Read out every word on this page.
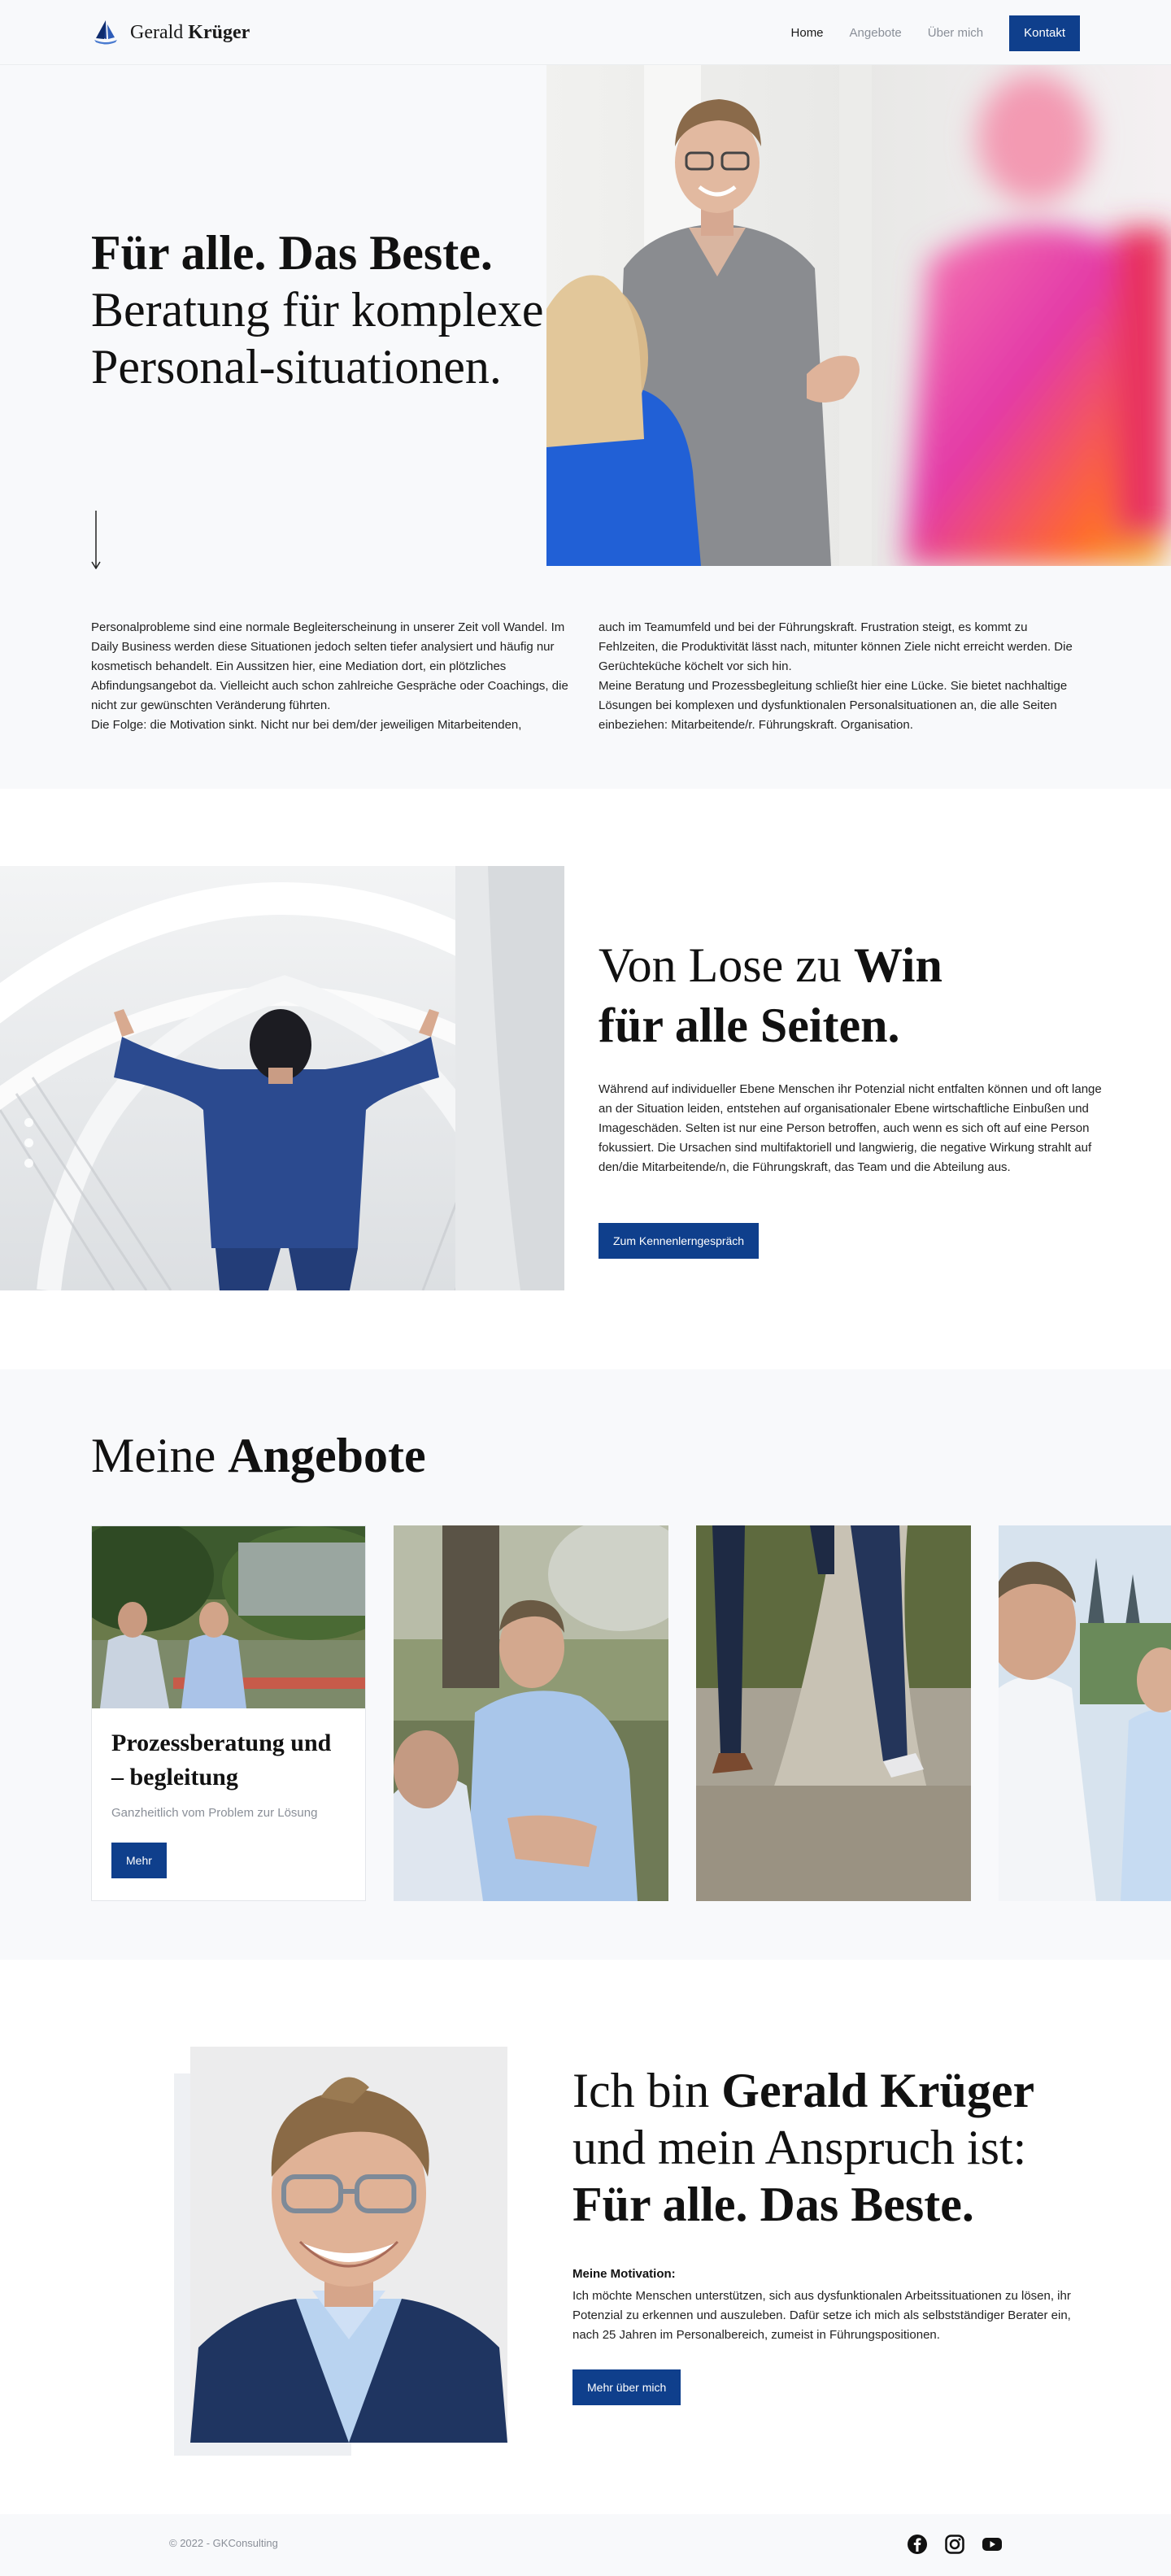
Gerald Krüger	Home Angebote Über mich	Kontakt
Für alle. Das Beste. Beratung für komplexe Personal-situationen.

Personalprobleme sind eine normale Begleiterscheinung in unserer Zeit voll Wandel. Im Daily Business werden diese Situationen jedoch selten tiefer analysiert und häufig nur kosmetisch behandelt. Ein Aussitzen hier, eine Mediation dort, ein plötzliches Abfindungsangebot da. Vielleicht auch schon zahlreiche Gespräche oder Coachings, die nicht zur gewünschten Veränderung führten.
Die Folge: die Motivation sinkt. Nicht nur bei dem/der jeweiligen Mitarbeitenden,

auch im Teamumfeld und bei der Führungskraft. Frustration steigt, es kommt zu Fehlzeiten, die Produktivität lässt nach, mitunter können Ziele nicht erreicht werden. Die Gerüchteküche köchelt vor sich hin.
Meine Beratung und Prozessbegleitung schließt hier eine Lücke. Sie bietet nachhaltige Lösungen bei komplexen und dysfunktionalen Personalsituationen an, die alle Seiten einbeziehen: Mitarbeitende/r. Führungskraft. Organisation.

Von Lose zu Win
für alle Seiten.

Während auf individueller Ebene Menschen ihr Potenzial nicht entfalten können und oft lange an der Situation leiden, entstehen auf organisationaler Ebene wirtschaftliche Einbußen und Imageschäden. Selten ist nur eine Person betroffen, auch wenn es sich oft auf eine Person fokussiert. Die Ursachen sind multifaktoriell und langwierig, die negative Wirkung strahlt auf den/die Mitarbeitende/n, die Führungskraft, das Team und die Abteilung aus.

Zum Kennenlerngespräch
Meine Angebote
Prozessberatung und – begleitung

Ganzheitlich vom Problem zur Lösung

Mehr
Ich bin Gerald Krüger
und mein Anspruch ist:
Für alle. Das Beste.

Meine Motivation:

Ich möchte Menschen unterstützen, sich aus dysfunktionalen Arbeitssituationen zu lösen, ihr Potenzial zu erkennen und auszuleben. Dafür setze ich mich als selbstständiger Berater ein, nach 25 Jahren im Personalbereich, zumeist in Führungspositionen.

Mehr über mich
© 2022 - GKConsulting
